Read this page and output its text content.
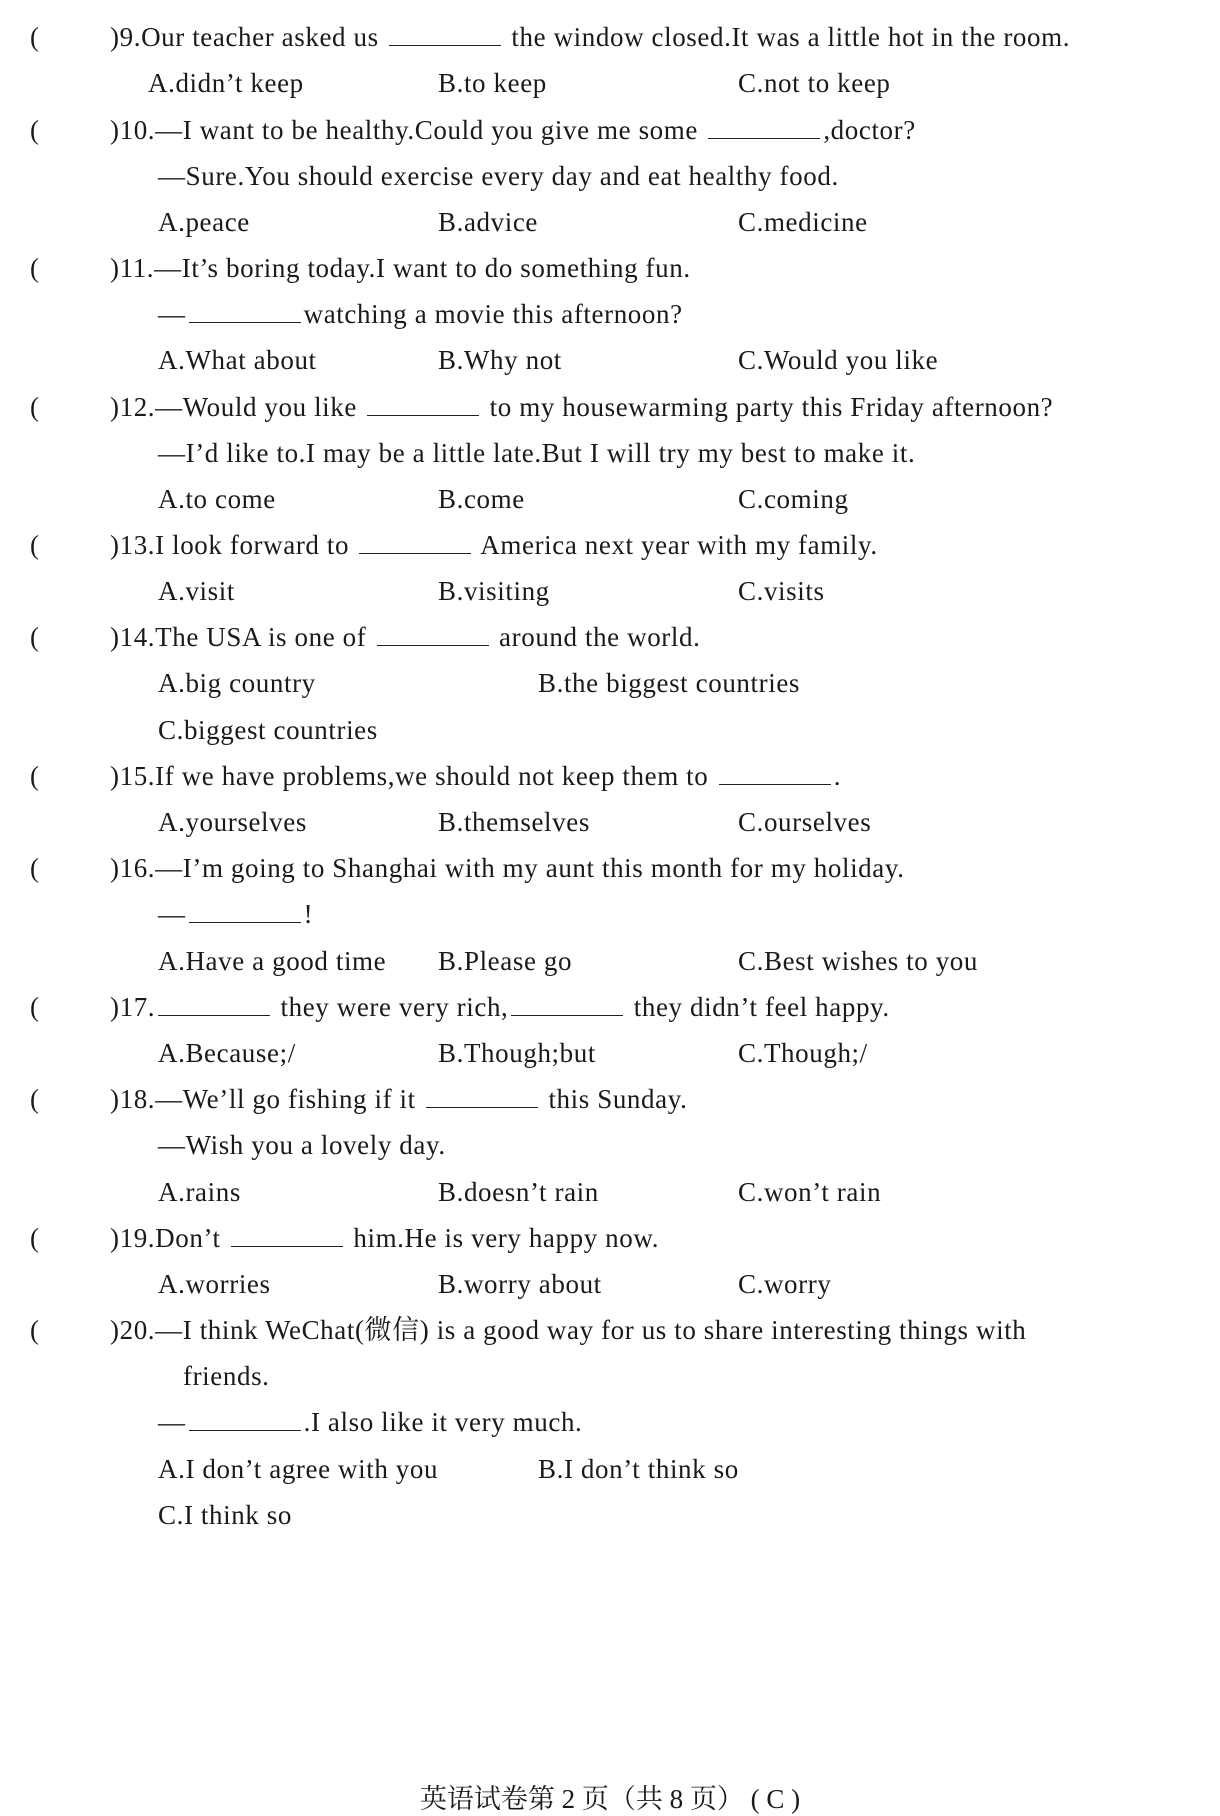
(	)9.Our teacher asked us	the window closed.It was a little hot in the room.
A.didn’t keep	B.to keep	C.not to keep
(	)10.—I want to be healthy.Could you give me some	,doctor?
—Sure.You should exercise every day and eat healthy food.
A.peace	B.advice	C.medicine
(	)11.—It’s boring today.I want to do something fun.
—	watching a movie this afternoon?
A.What about	B.Why not	C.Would you like
(	)12.—Would you like	to my housewarming party this Friday afternoon?
—I’d like to.I may be a little late.But I will try my best to make it.
A.to come	B.come	C.coming
(	)13.I look forward to	America next year with my family.
A.visit	B.visiting	C.visits
(	)14.The USA is one of	around the world.
A.big country	B.the biggest countries
C.biggest countries
(	)15.If we have problems,we should not keep them to	.
A.yourselves	B.themselves	C.ourselves
(	)16.—I’m going to Shanghai with my aunt this month for my holiday.
—	!
A.Have a good time B.Please go	C.Best wishes to you
(	)17.	they were very rich,	they didn’t feel happy.
A.Because;/	B.Though;but	C.Though;/
(	)18.—We’ll go fishing if it	this Sunday.
—Wish you a lovely day.
A.rains	B.doesn’t rain	C.won’t rain
(	)19.Don’t	him.He is very happy now.
A.worries	B.worry about	C.worry
(	)20.—I think WeChat(微信) is a good way for us to share interesting things with
friends.
—	.I also like it very much.
A.I don’t agree with you	B.I don’t think so
C.I think so
英语试卷第 2 页（共 8 页） ( C )
